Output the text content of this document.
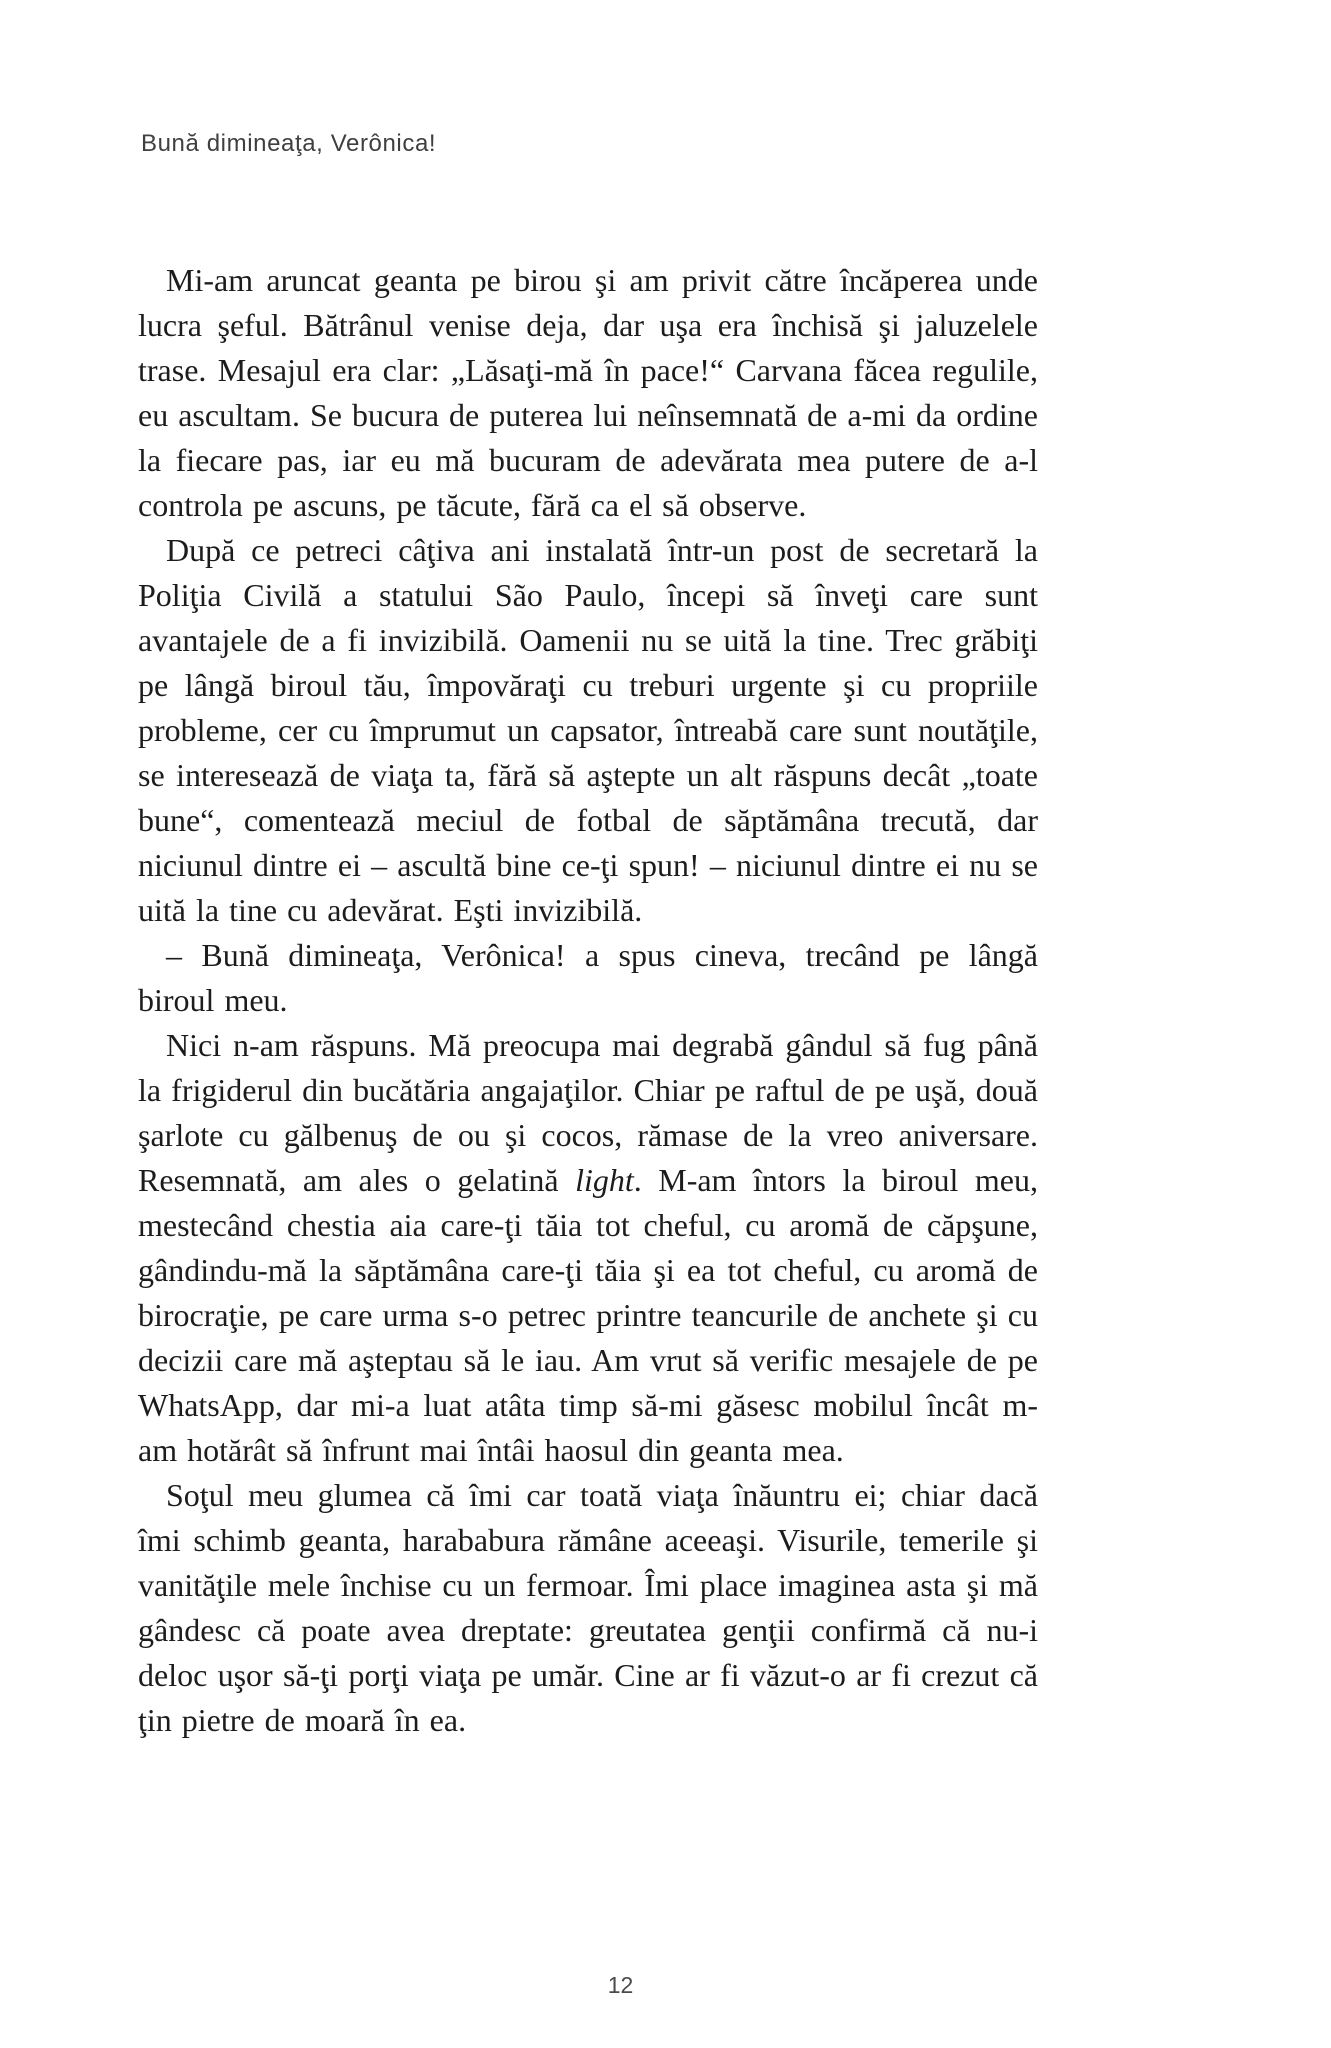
Bună dimineaţa, Verônica!

Mi-am aruncat geanta pe birou şi am privit către încăperea unde lucra şeful. Bătrânul venise deja, dar uşa era închisă şi jaluzelele trase. Mesajul era clar: „Lăsaţi-mă în pace!“ Carvana făcea regulile, eu ascultam. Se bucura de puterea lui neînsemnată de a-mi da ordine la fiecare pas, iar eu mă bucuram de adevărata mea putere de a-l controla pe ascuns, pe tăcute, fără ca el să observe.

După ce petreci câţiva ani instalată într-un post de secretară la Poliţia Civilă a statului São Paulo, începi să înveţi care sunt avantajele de a fi invizibilă. Oamenii nu se uită la tine. Trec grăbiţi pe lângă biroul tău, împovăraţi cu treburi urgente şi cu propriile probleme, cer cu împrumut un capsator, întreabă care sunt noutăţile, se interesează de viaţa ta, fără să aştepte un alt răspuns decât „toate bune“, comentează meciul de fotbal de săptămâna trecută, dar niciunul dintre ei – ascultă bine ce-ţi spun! – niciunul dintre ei nu se uită la tine cu adevărat. Eşti invizibilă.

– Bună dimineaţa, Verônica! a spus cineva, trecând pe lângă biroul meu.

Nici n-am răspuns. Mă preocupa mai degrabă gândul să fug până la frigiderul din bucătăria angajaţilor. Chiar pe raftul de pe uşă, două şarlote cu gălbenuş de ou şi cocos, rămase de la vreo aniversare. Resemnată, am ales o gelatină light. M-am întors la biroul meu, mestecând chestia aia care-ţi tăia tot cheful, cu aromă de căpşune, gândindu-mă la săptămâna care-ţi tăia şi ea tot cheful, cu aromă de birocraţie, pe care urma s-o petrec printre teancurile de anchete şi cu decizii care mă aşteptau să le iau. Am vrut să verific mesajele de pe WhatsApp, dar mi-a luat atâta timp să-mi găsesc mobilul încât m-am hotărât să înfrunt mai întâi haosul din geanta mea.

Soţul meu glumea că îmi car toată viaţa înăuntru ei; chiar dacă îmi schimb geanta, harababura rămâne aceeaşi. Visurile, temerile şi vanităţile mele închise cu un fermoar. Îmi place imaginea asta şi mă gândesc că poate avea dreptate: greutatea genţii confirmă că nu-i deloc uşor să-ţi porţi viaţa pe umăr. Cine ar fi văzut-o ar fi crezut că ţin pietre de moară în ea.

12
